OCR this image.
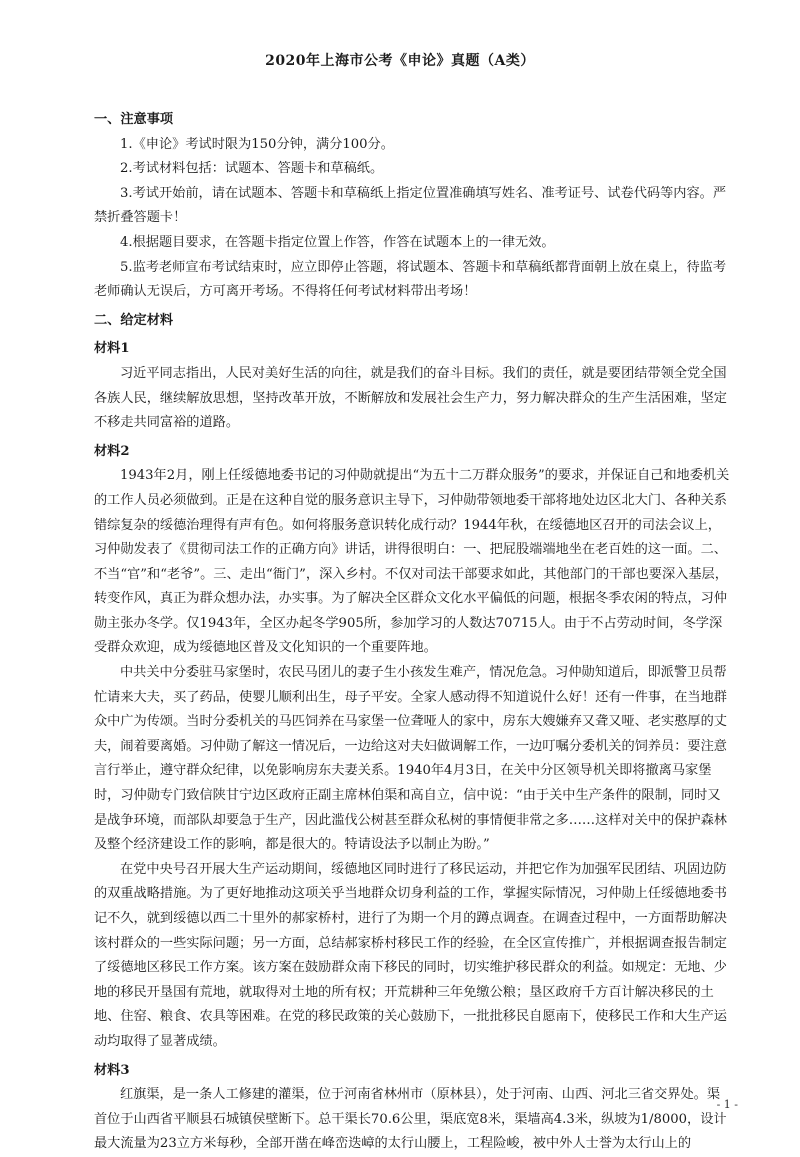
2020年上海市公考《申论》真题（A类）

一、注意事项

1.《申论》考试时限为150分钟，满分100分。

2.考试材料包括：试题本、答题卡和草稿纸。

3.考试开始前，请在试题本、答题卡和草稿纸上指定位置准确填写姓名、准考证号、试卷代码等内容。严禁折叠答题卡！

4.根据题目要求，在答题卡指定位置上作答，作答在试题本上的一律无效。

5.监考老师宣布考试结束时，应立即停止答题，将试题本、答题卡和草稿纸都背面朝上放在桌上，待监考老师确认无误后，方可离开考场。不得将任何考试材料带出考场！

二、给定材料

材料1

习近平同志指出，人民对美好生活的向往，就是我们的奋斗目标。我们的责任，就是要团结带领全党全国各族人民，继续解放思想，坚持改革开放，不断解放和发展社会生产力，努力解决群众的生产生活困难，坚定不移走共同富裕的道路。

材料2

1943年2月，刚上任绥德地委书记的习仲勋就提出“为五十二万群众服务”的要求，并保证自己和地委机关的工作人员必须做到。正是在这种自觉的服务意识主导下，习仲勋带领地委干部将地处边区北大门、各种关系错综复杂的绥德治理得有声有色。如何将服务意识转化成行动？1944年秋，在绥德地区召开的司法会议上，习仲勋发表了《贯彻司法工作的正确方向》讲话，讲得很明白：一、把屁股端端地坐在老百姓的这一面。二、不当“官”和“老爷”。三、走出“衙门”，深入乡村。不仅对司法干部要求如此，其他部门的干部也要深入基层，转变作风，真正为群众想办法，办实事。为了解决全区群众文化水平偏低的问题，根据冬季农闲的特点，习仲勋主张办冬学。仅1943年，全区办起冬学905所，参加学习的人数达70715人。由于不占劳动时间，冬学深受群众欢迎，成为绥德地区普及文化知识的一个重要阵地。

中共关中分委驻马家堡时，农民马团儿的妻子生小孩发生难产，情况危急。习仲勋知道后，即派警卫员帮忙请来大夫，买了药品，使婴儿顺利出生，母子平安。全家人感动得不知道说什么好！还有一件事，在当地群众中广为传颂。当时分委机关的马匹饲养在马家堡一位聋哑人的家中，房东大嫂嫌弃又聋又哑、老实憨厚的丈夫，闹着要离婚。习仲勋了解这一情况后，一边给这对夫妇做调解工作，一边叮嘱分委机关的饲养员：要注意言行举止，遵守群众纪律，以免影响房东夫妻关系。1940年4月3日，在关中分区领导机关即将撤离马家堡时，习仲勋专门致信陕甘宁边区政府正副主席林伯渠和高自立，信中说：“由于关中生产条件的限制，同时又是战争环境，而部队却要急于生产，因此滥伐公树甚至群众私树的事情便非常之多……这样对关中的保护森林及整个经济建设工作的影响，都是很大的。特请设法予以制止为盼。”

在党中央号召开展大生产运动期间，绥德地区同时进行了移民运动，并把它作为加强军民团结、巩固边防的双重战略措施。为了更好地推动这项关乎当地群众切身利益的工作，掌握实际情况，习仲勋上任绥德地委书记不久，就到绥德以西二十里外的郝家桥村，进行了为期一个月的蹲点调查。在调查过程中，一方面帮助解决该村群众的一些实际问题；另一方面，总结郝家桥村移民工作的经验，在全区宣传推广，并根据调查报告制定了绥德地区移民工作方案。该方案在鼓励群众南下移民的同时，切实维护移民群众的利益。如规定：无地、少地的移民开垦国有荒地，就取得对土地的所有权；开荒耕种三年免缴公粮；垦区政府千方百计解决移民的土地、住窑、粮食、农具等困难。在党的移民政策的关心鼓励下，一批批移民自愿南下，使移民工作和大生产运动均取得了显著成绩。

材料3

红旗渠，是一条人工修建的灌渠，位于河南省林州市（原林县），处于河南、山西、河北三省交界处。渠首位于山西省平顺县石城镇侯壁断下。总干渠长70.6公里，渠底宽8米，渠墙高4.3米，纵坡为1/8000，设计最大流量为23立方米每秒，全部开凿在峰峦迭嶂的太行山腰上，工程险峻，被中外人士誉为太行山上的

- 1 -
